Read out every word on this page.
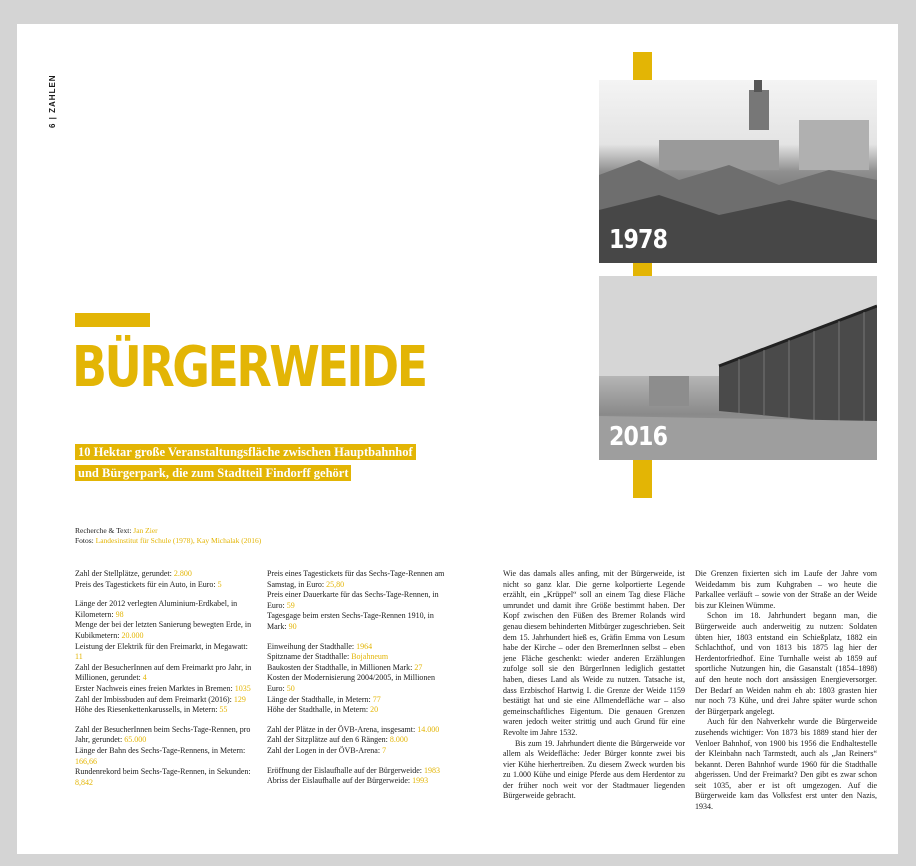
6 | ZAHLEN
BÜRGERWEIDE
10 Hektar große Veranstaltungsfläche zwischen Hauptbahnhof
und Bürgerpark, die zum Stadtteil Findorff gehört
Recherche & Text: Jan Zier
Fotos: Landesinstitut für Schule (1978), Kay Michalak (2016)

Zahl der Stellplätze, gerundet: 2.800
Preis des Tagestickets für ein Auto, in Euro: 5

Länge der 2012 verlegten Aluminium-Erdkabel, in Kilometern: 98
Menge der bei der letzten Sanierung bewegten Erde, in Kubikmetern: 20.000
Leistung der Elektrik für den Freimarkt, in Megawatt: 11
Zahl der BesucherInnen auf dem Freimarkt pro Jahr, in Millionen, gerundet: 4
Erster Nachweis eines freien Marktes in Bremen: 1035
Zahl der Imbissbuden auf dem Freimarkt (2016): 129
Höhe des Riesenkettenkarussells, in Metern: 55

Zahl der BesucherInnen beim Sechs-Tage-Rennen, pro Jahr, gerundet: 65.000
Länge der Bahn des Sechs-Tage-Rennens, in Metern: 166,66
Rundenrekord beim Sechs-Tage-Rennen, in Sekunden: 8,842

Preis eines Tagestickets für das Sechs-Tage-Rennen am Samstag, in Euro: 25,80
Preis einer Dauerkarte für das Sechs-Tage-Rennen, in Euro: 59
Tagesgage beim ersten Sechs-Tage-Rennen 1910, in Mark: 90

Einweihung der Stadthalle: 1964
Spitzname der Stadthalle: Bojahneum
Baukosten der Stadthalle, in Millionen Mark: 27
Kosten der Modernisierung 2004/2005, in Millionen Euro: 50
Länge der Stadthalle, in Metern: 77
Höhe der Stadthalle, in Metern: 20

Zahl der Plätze in der ÖVB-Arena, insgesamt: 14.000
Zahl der Sitzplätze auf den 6 Rängen: 8.000
Zahl der Logen in der ÖVB-Arena: 7

Eröffnung der Eislaufhalle auf der Bürgerweide: 1983
Abriss der Eislaufhalle auf der Bürgerweide: 1993

Wie das damals alles anfing, mit der Bürgerweide, ist nicht so ganz klar. Die gerne kolportierte Legende erzählt, ein „Krüppel“ soll an einem Tag diese Fläche umrundet und damit ihre Größe bestimmt haben. Der Kopf zwischen den Füßen des Bremer Rolands wird genau diesem behinderten Mitbürger zugeschrieben. Seit dem 15. Jahrhundert hieß es, Gräfin Emma von Lesum habe der Kirche – oder den BremerInnen selbst – eben jene Fläche geschenkt: wieder anderen Erzählungen zufolge soll sie den BürgerInnen lediglich gestattet haben, dieses Land als Weide zu nutzen. Tatsache ist, dass Erzbischof Hartwig I. die Grenze der Weide 1159 bestätigt hat und sie eine Allmendefläche war – also gemeinschaftliches Eigentum. Die genauen Grenzen waren jedoch weiter strittig und auch Grund für eine Revolte im Jahre 1532.

Bis zum 19. Jahrhundert diente die Bürgerweide vor allem als Weidefläche: Jeder Bürger konnte zwei bis vier Kühe hierhertreiben. Zu diesem Zweck wurden bis zu 1.000 Kühe und einige Pferde aus dem Herdentor zu der früher noch weit vor der Stadtmauer liegenden Bürgerweide gebracht.

Die Grenzen fixierten sich im Laufe der Jahre vom Weidedamm bis zum Kuhgraben – wo heute die Parkallee verläuft – sowie von der Straße an der Weide bis zur Kleinen Wümme.

Schon im 18. Jahrhundert begann man, die Bürgerweide auch anderweitig zu nutzen: Soldaten übten hier, 1803 entstand ein Schießplatz, 1882 ein Schlachthof, und von 1813 bis 1875 lag hier der Herdentorfriedhof. Eine Turnhalle weist ab 1859 auf sportliche Nutzungen hin, die Gasanstalt (1854–1898) auf den heute noch dort ansässigen Energieversorger. Der Bedarf an Weiden nahm eh ab: 1803 grasten hier nur noch 73 Kühe, und drei Jahre später wurde schon der Bürgerpark angelegt.

Auch für den Nahverkehr wurde die Bürgerweide zusehends wichtiger: Von 1873 bis 1889 stand hier der Venloer Bahnhof, von 1900 bis 1956 die Endhaltestelle der Kleinbahn nach Tarmstedt, auch als „Jan Reiners“ bekannt. Deren Bahnhof wurde 1960 für die Stadthalle abgerissen. Und der Freimarkt? Den gibt es zwar schon seit 1035, aber er ist oft umgezogen. Auf die Bürgerweide kam das Volksfest erst unter den Nazis, 1934.

1978
2016
